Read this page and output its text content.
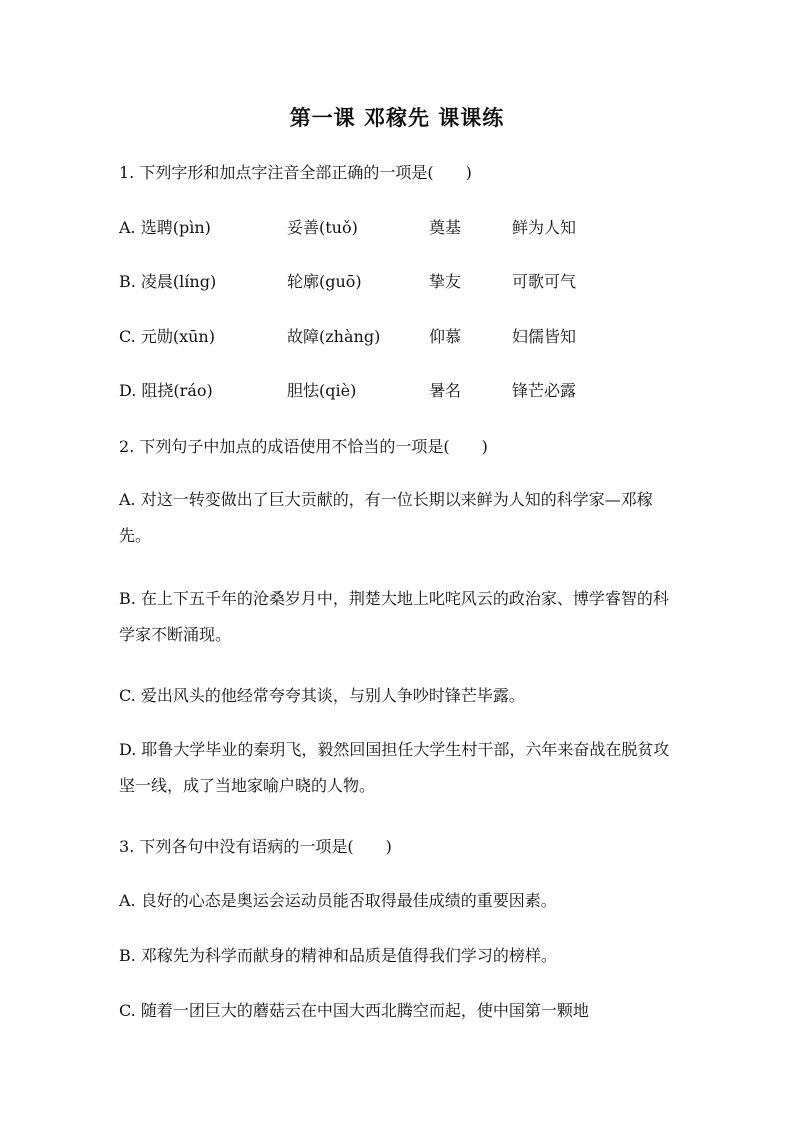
第一课 邓稼先 课课练
1. 下列字形和加点字注音全部正确的一项是(　　)
A. 选聘(pìn)	妥善(tuǒ)	奠基	鲜为人知
B. 凌晨(líng)	轮廓(guō)	挚友	可歌可气
C. 元勋(xūn)	故障(zhàng)	仰慕	妇儒皆知
D. 阻挠(ráo)	胆怯(qiè)	暑名	锋芒必露
2. 下列句子中加点的成语使用不恰当的一项是(　　)
A. 对这一转变做出了巨大贡献的，有一位长期以来鲜为人知的科学家—邓稼先。
B. 在上下五千年的沧桑岁月中，荆楚大地上叱咤风云的政治家、博学睿智的科学家不断涌现。
C. 爱出风头的他经常夸夸其谈，与别人争吵时锋芒毕露。
D. 耶鲁大学毕业的秦玥飞，毅然回国担任大学生村干部，六年来奋战在脱贫攻坚一线，成了当地家喻户晓的人物。
3. 下列各句中没有语病的一项是(　　)
A. 良好的心态是奥运会运动员能否取得最佳成绩的重要因素。
B. 邓稼先为科学而献身的精神和品质是值得我们学习的榜样。
C. 随着一团巨大的蘑菇云在中国大西北腾空而起，使中国第一颗地
